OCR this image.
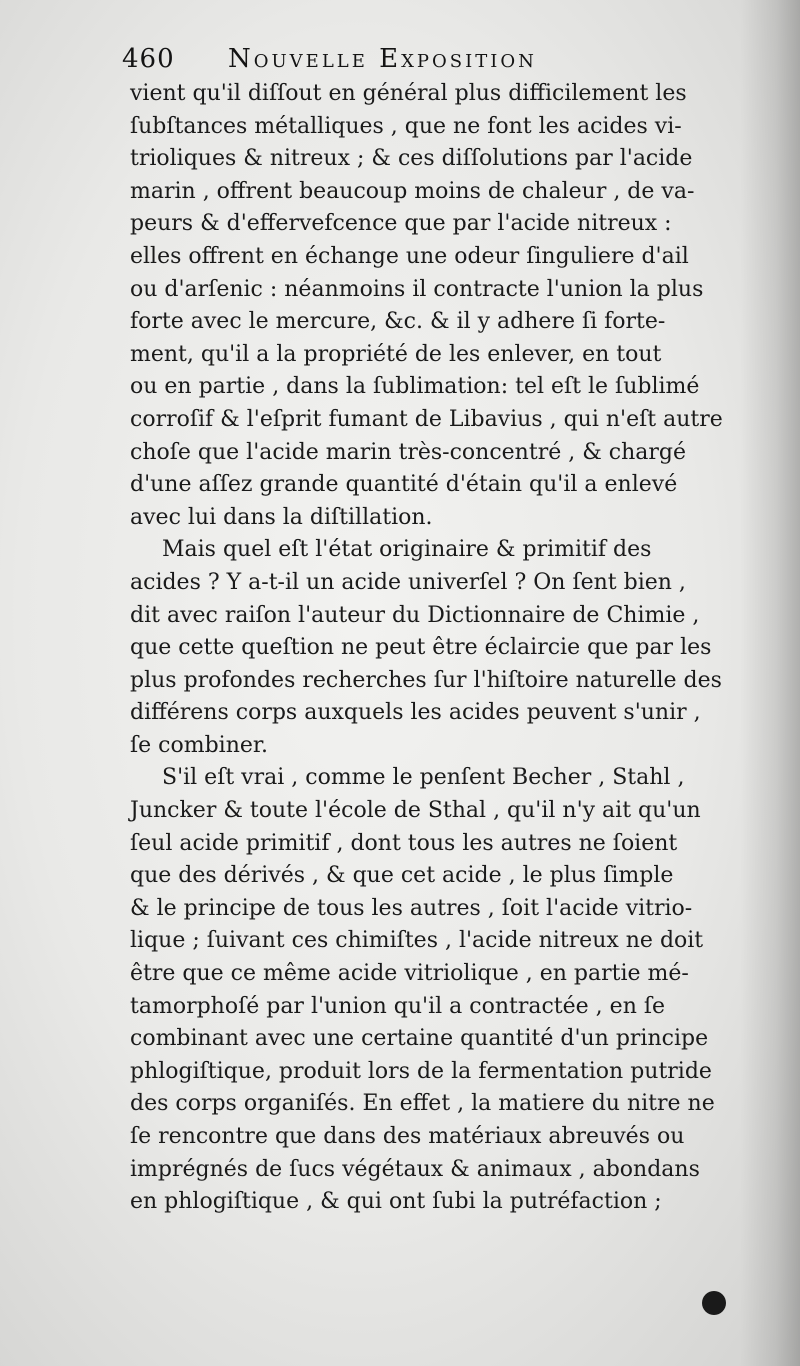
460 Nouvelle Exposition
vient qu'il diſſout en général plus difficilement les
ſubſtances métalliques , que ne font les acides vi-
trioliques & nitreux ; & ces diſſolutions par l'acide
marin , offrent beaucoup moins de chaleur , de va-
peurs & d'effervefcence que par l'acide nitreux :
elles offrent en échange une odeur ſinguliere d'ail
ou d'arſenic : néanmoins il contracte l'union la plus
forte avec le mercure, &c. & il y adhere ſi forte-
ment, qu'il a la propriété de les enlever, en tout
ou en partie , dans la ſublimation: tel eſt le ſublimé
corroſif & l'eſprit fumant de Libavius , qui n'eſt autre
choſe que l'acide marin très-concentré , & chargé
d'une aſſez grande quantité d'étain qu'il a enlevé
avec lui dans la diſtillation.
Mais quel eſt l'état originaire & primitif des
acides ? Y a-t-il un acide univerſel ? On ſent bien ,
dit avec raiſon l'auteur du Dictionnaire de Chimie ,
que cette queſtion ne peut être éclaircie que par les
plus profondes recherches ſur l'hiſtoire naturelle des
différens corps auxquels les acides peuvent s'unir ,
ſe combiner.
S'il eſt vrai , comme le penſent Becher , Stahl ,
Juncker & toute l'école de Sthal , qu'il n'y ait qu'un
ſeul acide primitif , dont tous les autres ne ſoient
que des dérivés , & que cet acide , le plus ſimple
& le principe de tous les autres , ſoit l'acide vitrio-
lique ; ſuivant ces chimiſtes , l'acide nitreux ne doit
être que ce même acide vitriolique , en partie mé-
tamorphoſé par l'union qu'il a contractée , en ſe
combinant avec une certaine quantité d'un principe
phlogiſtique, produit lors de la fermentation putride
des corps organiſés. En effet , la matiere du nitre ne
ſe rencontre que dans des matériaux abreuvés ou
imprégnés de ſucs végétaux & animaux , abondans
en phlogiſtique , & qui ont ſubi la putréfaction ;
